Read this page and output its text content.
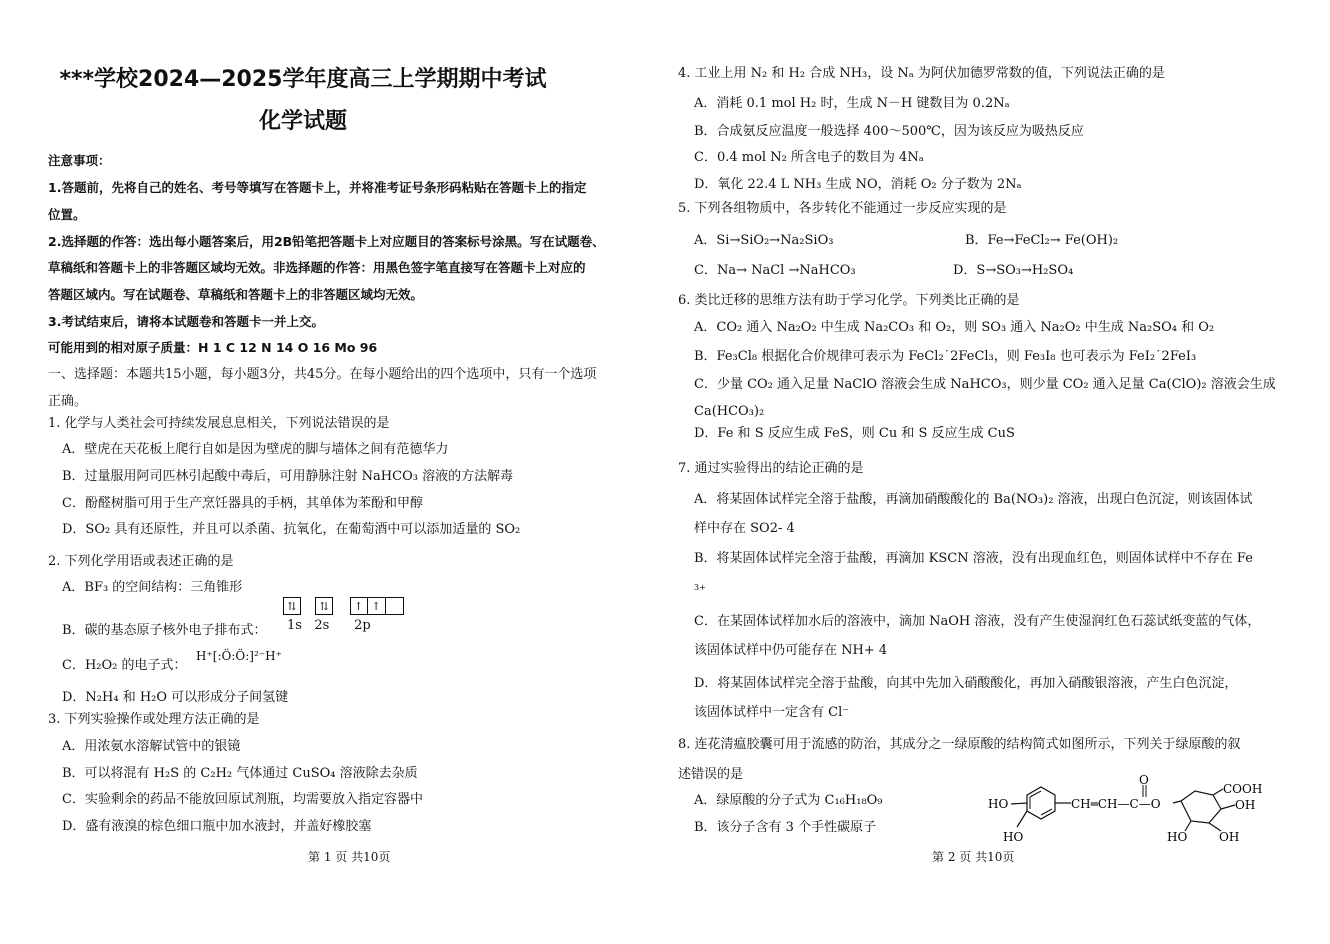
***学校2024—2025学年度高三上学期期中考试
化学试题
注意事项：
1.答题前，先将自己的姓名、考号等填写在答题卡上，并将准考证号条形码粘贴在答题卡上的指定
位置。
2.选择题的作答：选出每小题答案后，用2B铅笔把答题卡上对应题目的答案标号涂黑。写在试题卷、
草稿纸和答题卡上的非答题区域均无效。非选择题的作答：用黑色签字笔直接写在答题卡上对应的
答题区域内。写在试题卷、草稿纸和答题卡上的非答题区域均无效。
3.考试结束后，请将本试题卷和答题卡一并上交。
可能用到的相对原子质量：H 1 C 12 N 14 O 16 Mo 96
一、选择题：本题共15小题，每小题3分，共45分。在每小题给出的四个选项中，只有一个选项
正确。
1. 化学与人类社会可持续发展息息相关，下列说法错误的是
A．壁虎在天花板上爬行自如是因为壁虎的脚与墙体之间有范德华力
B．过量服用阿司匹林引起酸中毒后，可用静脉注射 NaHCO₃ 溶液的方法解毒
C．酚醛树脂可用于生产烹饪器具的手柄，其单体为苯酚和甲醇
D．SO₂ 具有还原性，并且可以杀菌、抗氧化，在葡萄酒中可以添加适量的 SO₂
2. 下列化学用语或表述正确的是
A．BF₃ 的空间结构：三角锥形
B．碳的基态原子核外电子排布式：
⇅ ⇅ ↑ ↑
1s   2s      2p
C．H₂O₂ 的电子式：
H⁺[:Ö:Ö:]²⁻H⁺
D．N₂H₄ 和 H₂O 可以形成分子间氢键
3. 下列实验操作或处理方法正确的是
A．用浓氨水溶解试管中的银镜
B．可以将混有 H₂S 的 C₂H₂ 气体通过 CuSO₄ 溶液除去杂质
C．实验剩余的药品不能放回原试剂瓶，均需要放入指定容器中
D．盛有液溴的棕色细口瓶中加水液封，并盖好橡胶塞
第 1 页 共10页
4. 工业上用 N₂ 和 H₂ 合成 NH₃，设 Nₐ 为阿伏加德罗常数的值，下列说法正确的是
A．消耗 0.1 mol H₂ 时，生成 N－H 键数目为 0.2Nₐ
B．合成氨反应温度一般选择 400～500℃，因为该反应为吸热反应
C．0.4 mol N₂ 所含电子的数目为 4Nₐ
D．氧化 22.4 L NH₃ 生成 NO，消耗 O₂ 分子数为 2Nₐ
5. 下列各组物质中，各步转化不能通过一步反应实现的是
A．Si→SiO₂→Na₂SiO₃	B．Fe→FeCl₂→ Fe(OH)₂
C．Na→ NaCl →NaHCO₃	D．S→SO₃→H₂SO₄
6. 类比迁移的思维方法有助于学习化学。下列类比正确的是
A．CO₂ 通入 Na₂O₂ 中生成 Na₂CO₃ 和 O₂，则 SO₃ 通入 Na₂O₂ 中生成 Na₂SO₄ 和 O₂
B．Fe₃Cl₈ 根据化合价规律可表示为 FeCl₂˙2FeCl₃，则 Fe₃I₈ 也可表示为 FeI₂˙2FeI₃
C．少量 CO₂ 通入足量 NaClO 溶液会生成 NaHCO₃，则少量 CO₂ 通入足量 Ca(ClO)₂ 溶液会生成
Ca(HCO₃)₂
D．Fe 和 S 反应生成 FeS，则 Cu 和 S 反应生成 CuS
7. 通过实验得出的结论正确的是
A．将某固体试样完全溶于盐酸，再滴加硝酸酸化的 Ba(NO₃)₂ 溶液，出现白色沉淀，则该固体试
样中存在 SO2- 4
B．将某固体试样完全溶于盐酸，再滴加 KSCN 溶液，没有出现血红色，则固体试样中不存在 Fe
3+
C．在某固体试样加水后的溶液中，滴加 NaOH 溶液，没有产生使湿润红色石蕊试纸变蓝的气体，
该固体试样中仍可能存在 NH+ 4
D．将某固体试样完全溶于盐酸，向其中先加入硝酸酸化，再加入硝酸银溶液，产生白色沉淀，
该固体试样中一定含有 Cl⁻
8. 连花清瘟胶囊可用于流感的防治，其成分之一绿原酸的结构简式如图所示，下列关于绿原酸的叙
述错误的是
A．绿原酸的分子式为 C₁₆H₁₈O₉
B．该分子含有 3 个手性碳原子
HO
HO
CH═CH—C—O
O
COOH
OH
HO	OH
第 2 页 共10页
